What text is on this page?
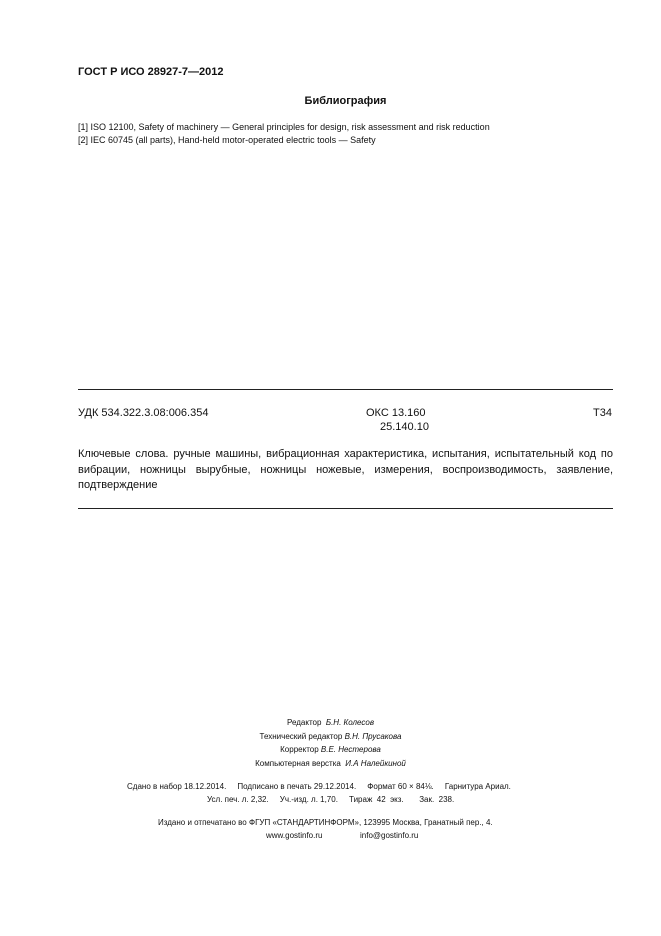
ГОСТ Р ИСО 28927-7—2012
Библиография
[1] ISO 12100, Safety of machinery — General principles for design, risk assessment and risk reduction
[2] IEC 60745 (all parts), Hand-held motor-operated electric tools — Safety
УДК 534.322.3.08:006.354	ОКС 13.160
25.140.10
Т34
Ключевые слова. ручные машины, вибрационная характеристика, испытания, испытательный код по вибрации, ножницы вырубные, ножницы ножевые, измерения, воспроизводимость, заявление, подтверждение
Редактор Б.Н. Колесов
Технический редактор В.Н. Прусакова
Корректор В.Е. Нестерова
Компьютерная верстка И.А Налейкиной
Сдано в набор 18.12.2014.     Подписано в печать 29.12.2014.     Формат 60 × 84⅛.     Гарнитура Ариал.
Усл. печ. л. 2,32.     Уч.-изд. л. 1,70.     Тираж  42  экз.       Зак.  238.
Издано и отпечатано во ФГУП «СТАНДАРТИНФОРМ», 123995 Москва, Гранатный пер., 4.
www.gostinfo.ru	info@gostinfo.ru
